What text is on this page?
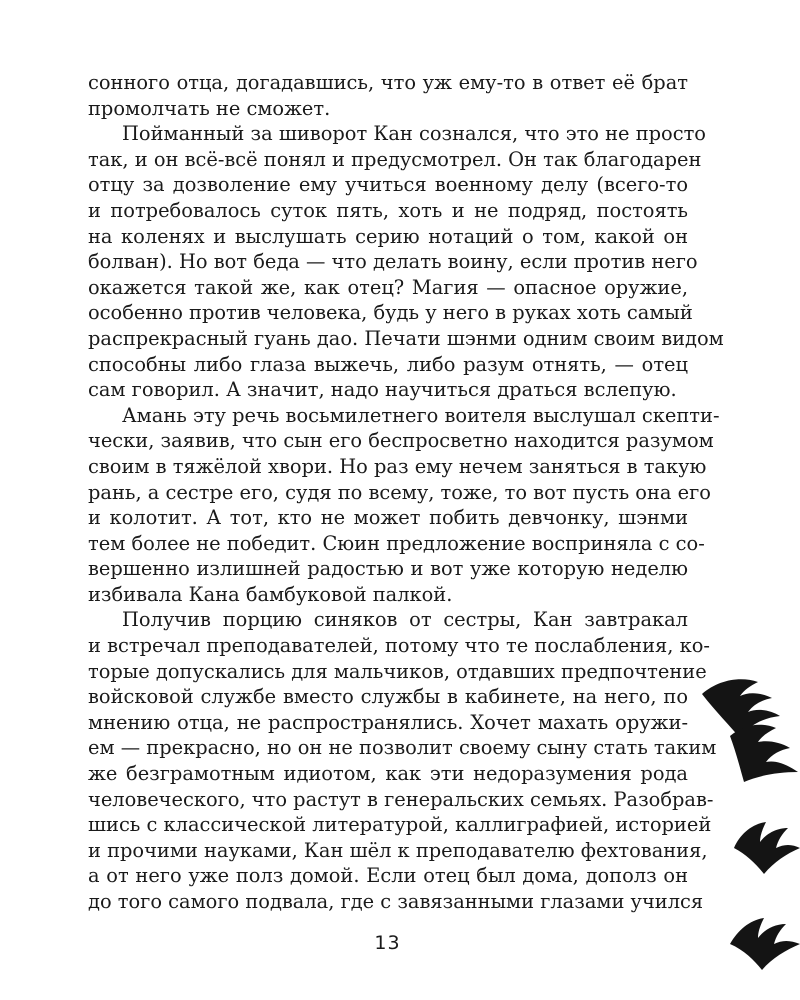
сонного отца, догадавшись, что уж ему-то в ответ её брат
промолчать не сможет.
Пойманный за шиворот Кан сознался, что это не просто
так, и он всё-всё понял и предусмотрел. Он так благодарен
отцу за дозволение ему учиться военному делу (всего-то
и потребовалось суток пять, хоть и не подряд, постоять
на коленях и выслушать серию нотаций о том, какой он
болван). Но вот беда — что делать воину, если против него
окажется такой же, как отец? Магия — опасное оружие,
особенно против человека, будь у него в руках хоть самый
распрекрасный гуань дао. Печати шэнми одним своим видом
способны либо глаза выжечь, либо разум отнять, — отец
сам говорил. А значит, надо научиться драться вслепую.
Амань эту речь восьмилетнего воителя выслушал скепти-
чески, заявив, что сын его беспросветно находится разумом
своим в тяжёлой хвори. Но раз ему нечем заняться в такую
рань, а сестре его, судя по всему, тоже, то вот пусть она его
и колотит. А тот, кто не может побить девчонку, шэнми
тем более не победит. Сюин предложение восприняла с со-
вершенно излишней радостью и вот уже которую неделю
избивала Кана бамбуковой палкой.
Получив порцию синяков от сестры, Кан завтракал
и встречал преподавателей, потому что те послабления, ко-
торые допускались для мальчиков, отдавших предпочтение
войсковой службе вместо службы в кабинете, на него, по
мнению отца, не распространялись. Хочет махать оружи-
ем — прекрасно, но он не позволит своему сыну стать таким
же безграмотным идиотом, как эти недоразумения рода
человеческого, что растут в генеральских семьях. Разобрав-
шись с классической литературой, каллиграфией, историей
и прочими науками, Кан шёл к преподавателю фехтования,
а от него уже полз домой. Если отец был дома, дополз он
до того самого подвала, где с завязанными глазами учился
13
